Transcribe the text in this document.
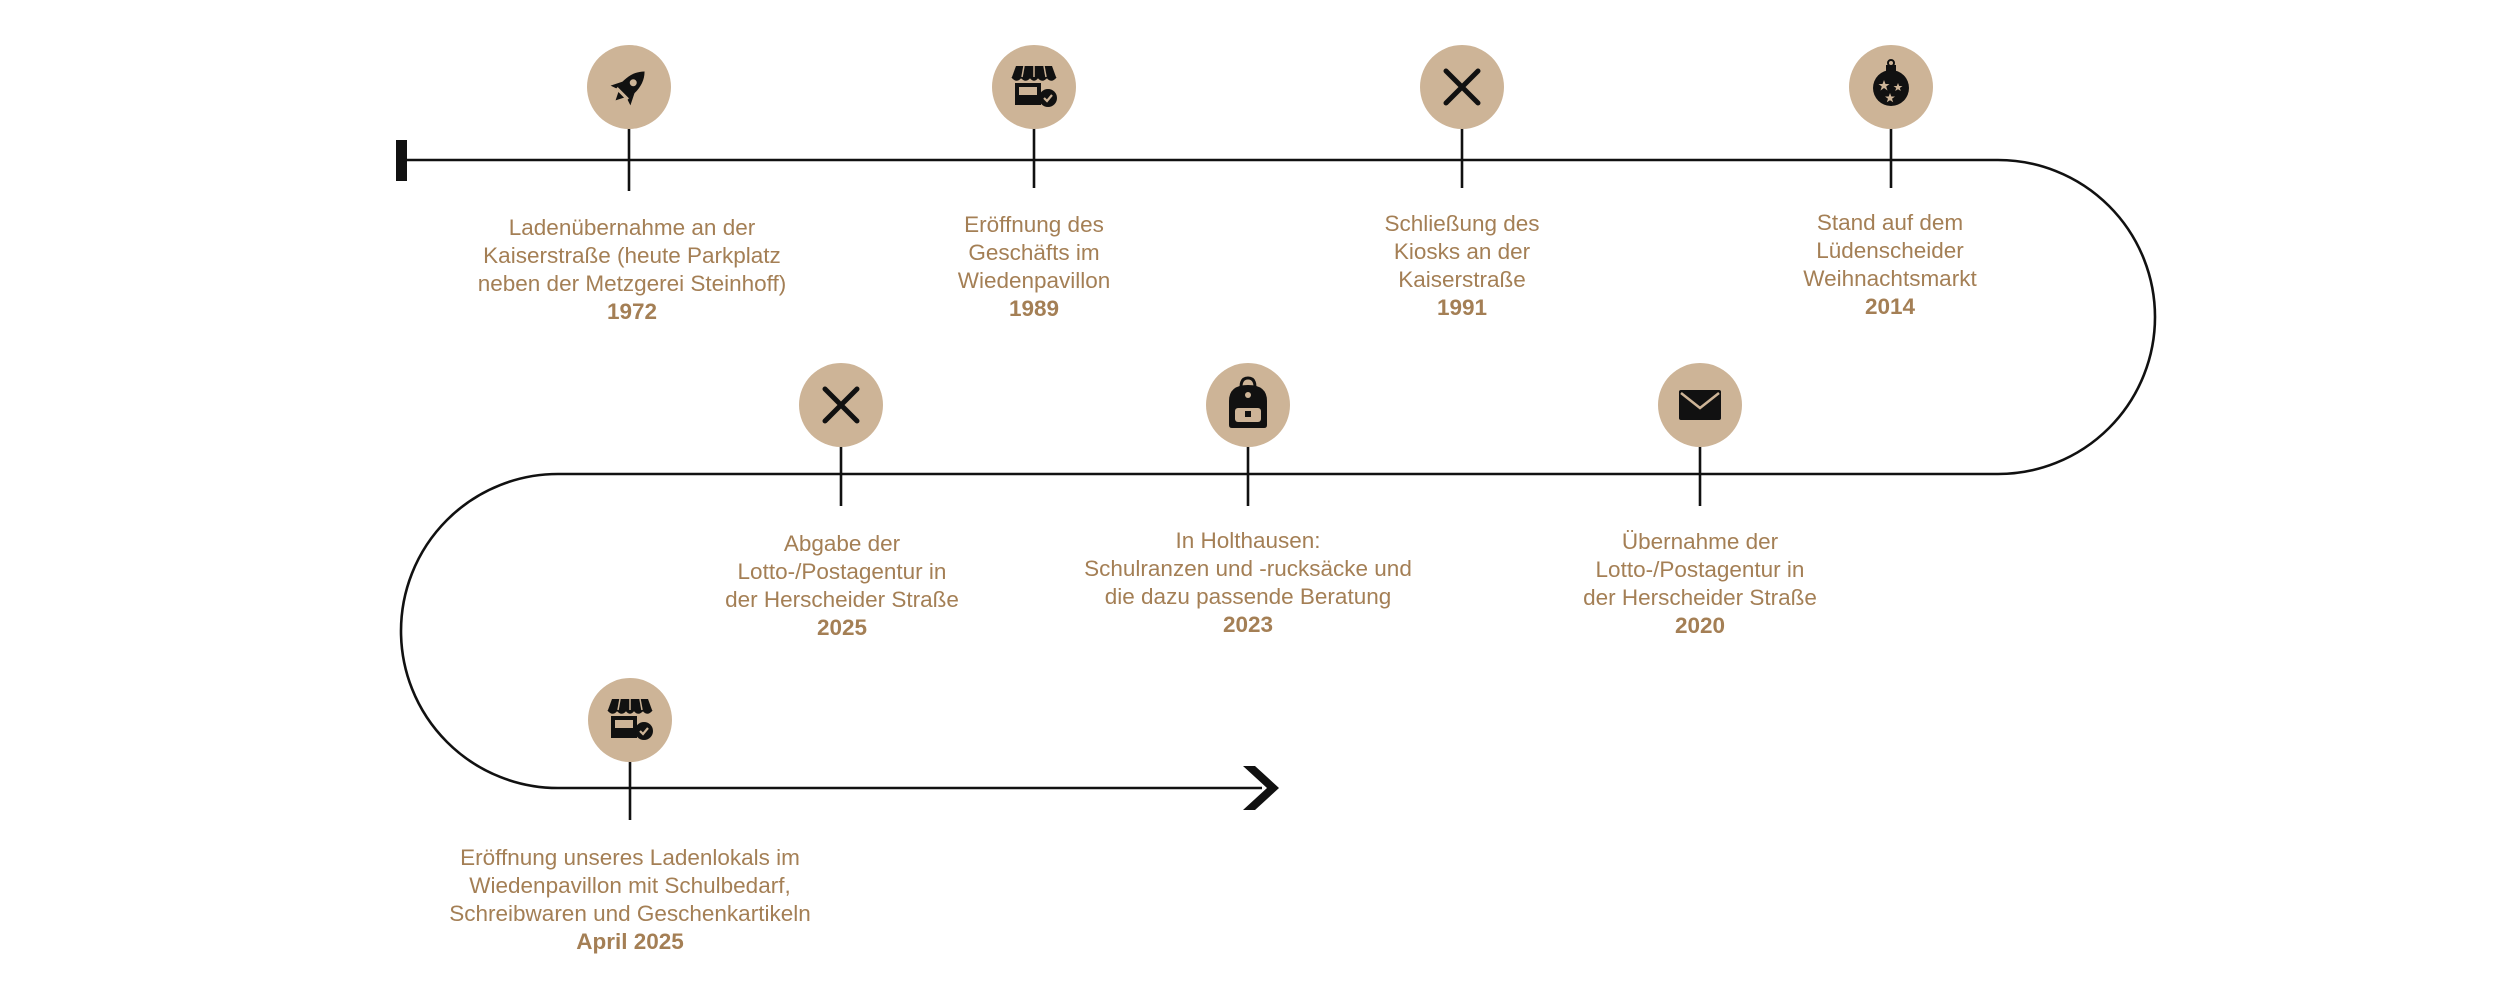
Ladenübernahme an der
Kaiserstraße (heute Parkplatz
neben der Metzgerei Steinhoff)
1972
Eröffnung des
Geschäfts im
Wiedenpavillon
1989
Schließung des
Kiosks an der
Kaiserstraße
1991
Stand auf dem
Lüdenscheider
Weihnachtsmarkt
2014
Übernahme der
Lotto-/Postagentur in
der Herscheider Straße
2020
In Holthausen:
Schulranzen und -rucksäcke und
die dazu passende Beratung
2023
Abgabe der
Lotto-/Postagentur in
der Herscheider Straße
2025
Eröffnung unseres Ladenlokals im
Wiedenpavillon mit Schulbedarf,
Schreibwaren und Geschenkartikeln
April 2025
